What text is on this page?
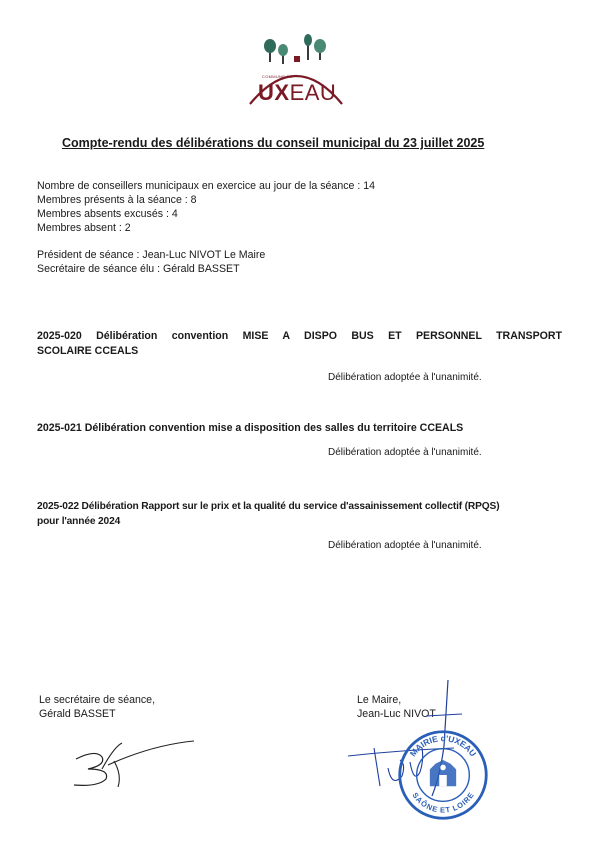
COMMUNE DE
UXEAU
Compte-rendu des délibérations du conseil municipal du 23 juillet 2025
Nombre de conseillers municipaux en exercice au jour de la séance : 14
Membres présents à la séance : 8
Membres absents excusés : 4
Membres absent : 2
Président de séance : Jean-Luc NIVOT Le Maire
Secrétaire de séance élu : Gérald BASSET
2025-020 Délibération convention MISE A DISPO BUS ET PERSONNEL TRANSPORT
SCOLAIRE CCEALS
Délibération adoptée à l'unanimité.
2025-021 Délibération convention mise a disposition des salles du territoire CCEALS
Délibération adoptée à l'unanimité.
2025-022 Délibération Rapport sur le prix et la qualité du service d'assainissement collectif (RPQS)
pour l'année 2024
Délibération adoptée à l'unanimité.
Le secrétaire de séance,
Gérald BASSET
Le Maire,
Jean-Luc NIVOT
MAIRIE d'UXEAU
SAÔNE ET LOIRE
